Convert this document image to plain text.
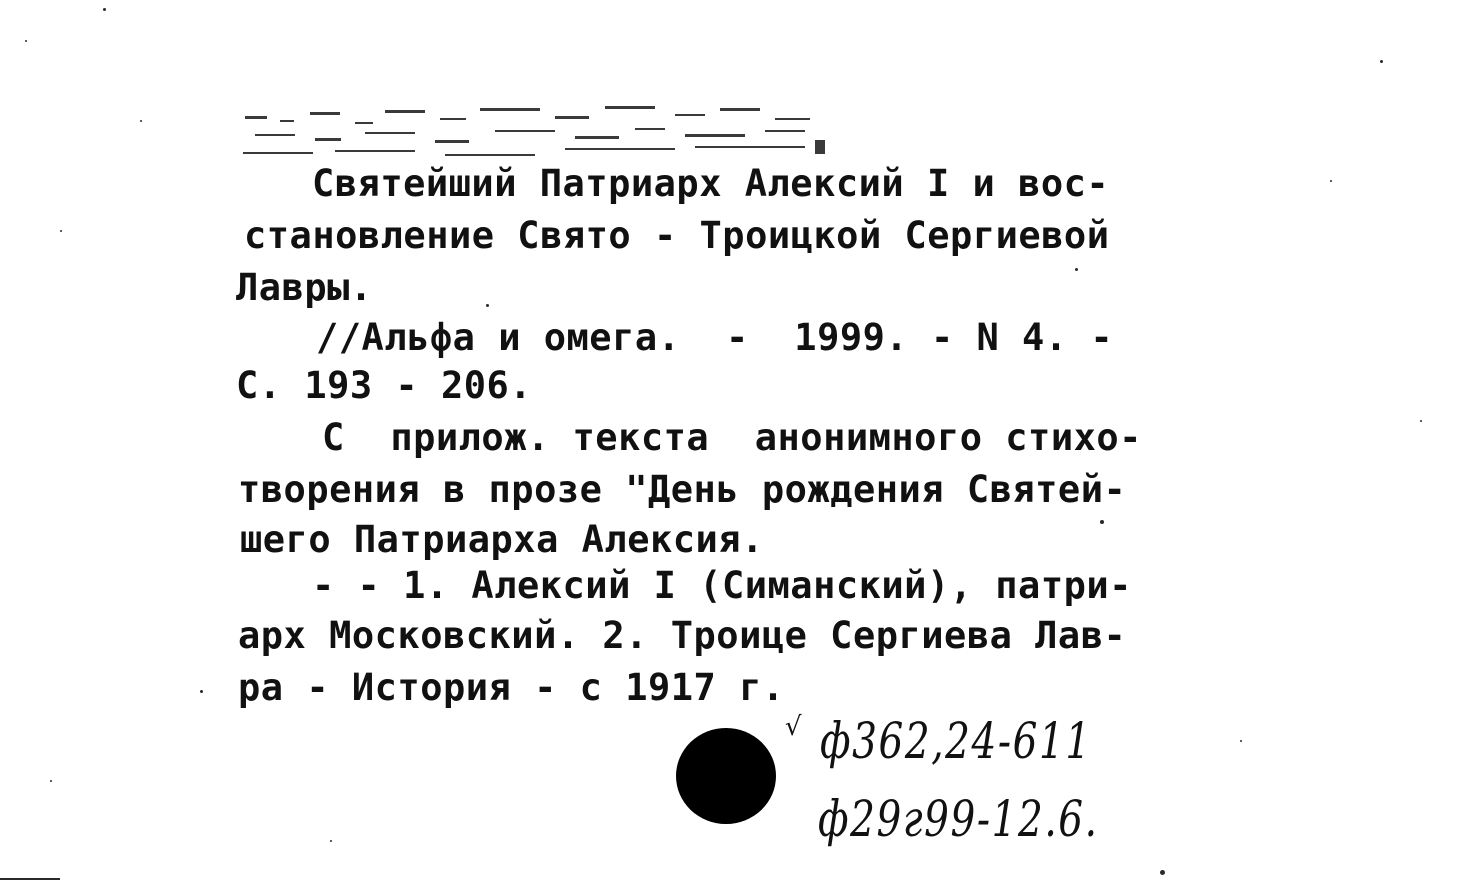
Святейший Патриарх Алексий I и вос-
становление Свято - Троицкой Сергиевой
Лавры.
//Альфа и омега.  -  1999. - N 4. -
С. 193 - 206.
С  прилож. текста  анонимного стихо-
творения в прозе "День рождения Святей-
шего Патриарха Алексия.
- - 1. Алексий I (Симанский), патри-
арх Московский. 2. Троице Сергиева Лав-
ра - История - с 1917 г.
√ ф362,24-611
ф29г99-12.6.
